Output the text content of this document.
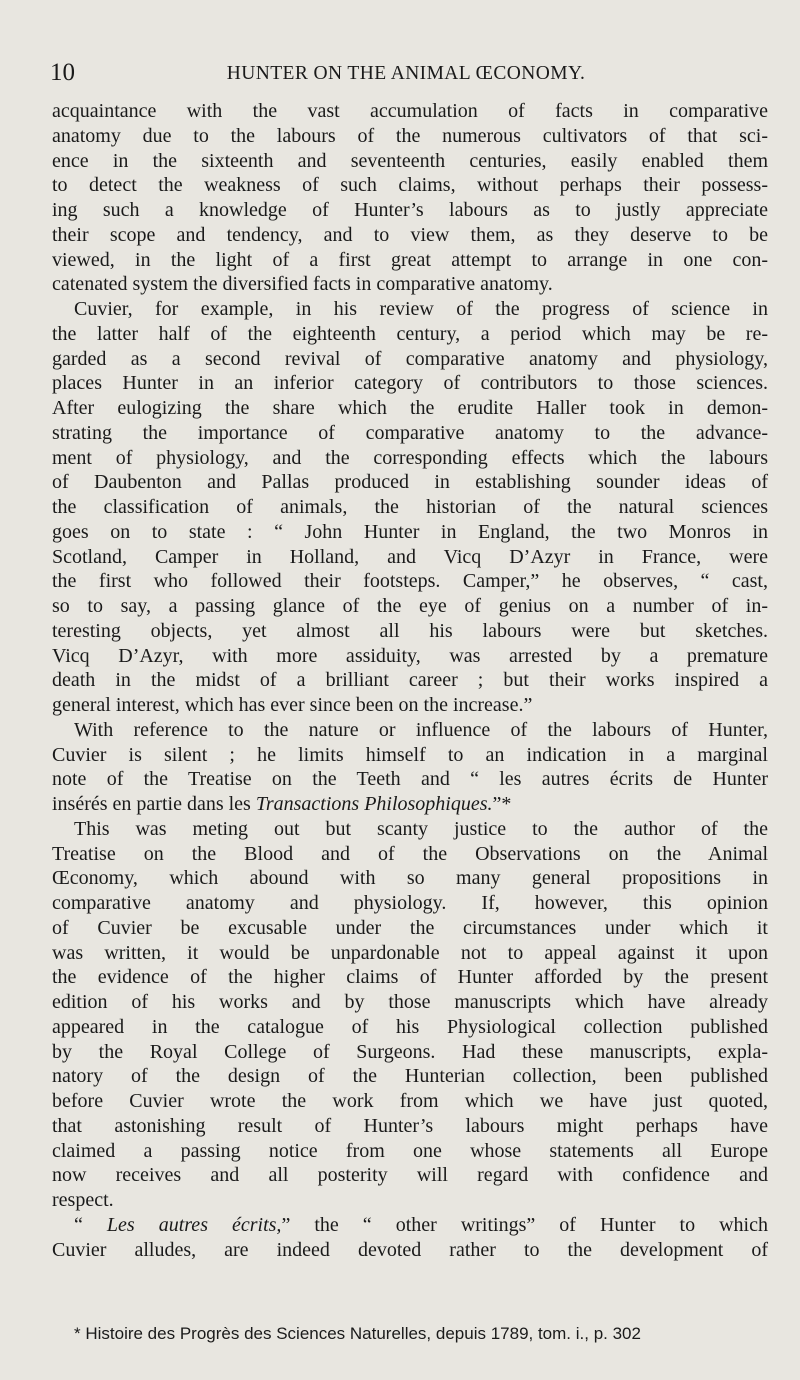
10	HUNTER ON THE ANIMAL ŒCONOMY.
acquaintance with the vast accumulation of facts in comparative
anatomy due to the labours of the numerous cultivators of that sci-
ence in the sixteenth and seventeenth centuries, easily enabled them
to detect the weakness of such claims, without perhaps their possess-
ing such a knowledge of Hunter’s labours as to justly appreciate
their scope and tendency, and to view them, as they deserve to be
viewed, in the light of a first great attempt to arrange in one con-
catenated system the diversified facts in comparative anatomy.
Cuvier, for example, in his review of the progress of science in
the latter half of the eighteenth century, a period which may be re-
garded as a second revival of comparative anatomy and physiology,
places Hunter in an inferior category of contributors to those sciences.
After eulogizing the share which the erudite Haller took in demon-
strating the importance of comparative anatomy to the advance-
ment of physiology, and the corresponding effects which the labours
of Daubenton and Pallas produced in establishing sounder ideas of
the classification of animals, the historian of the natural sciences
goes on to state : “ John Hunter in England, the two Monros in
Scotland, Camper in Holland, and Vicq D’Azyr in France, were
the first who followed their footsteps. Camper,” he observes, “ cast,
so to say, a passing glance of the eye of genius on a number of in-
teresting objects, yet almost all his labours were but sketches.
Vicq D’Azyr, with more assiduity, was arrested by a premature
death in the midst of a brilliant career ; but their works inspired a
general interest, which has ever since been on the increase.”
With reference to the nature or influence of the labours of Hunter,
Cuvier is silent ; he limits himself to an indication in a marginal
note of the Treatise on the Teeth and “ les autres écrits de Hunter
insérés en partie dans les Transactions Philosophiques.”*
This was meting out but scanty justice to the author of the
Treatise on the Blood and of the Observations on the Animal
Œconomy, which abound with so many general propositions in
comparative anatomy and physiology. If, however, this opinion
of Cuvier be excusable under the circumstances under which it
was written, it would be unpardonable not to appeal against it upon
the evidence of the higher claims of Hunter afforded by the present
edition of his works and by those manuscripts which have already
appeared in the catalogue of his Physiological collection published
by the Royal College of Surgeons. Had these manuscripts, expla-
natory of the design of the Hunterian collection, been published
before Cuvier wrote the work from which we have just quoted,
that astonishing result of Hunter’s labours might perhaps have
claimed a passing notice from one whose statements all Europe
now receives and all posterity will regard with confidence and
respect.
“ Les autres écrits,” the “ other writings” of Hunter to which
Cuvier alludes, are indeed devoted rather to the development of
* Histoire des Progrès des Sciences Naturelles, depuis 1789, tom. i., p. 302
